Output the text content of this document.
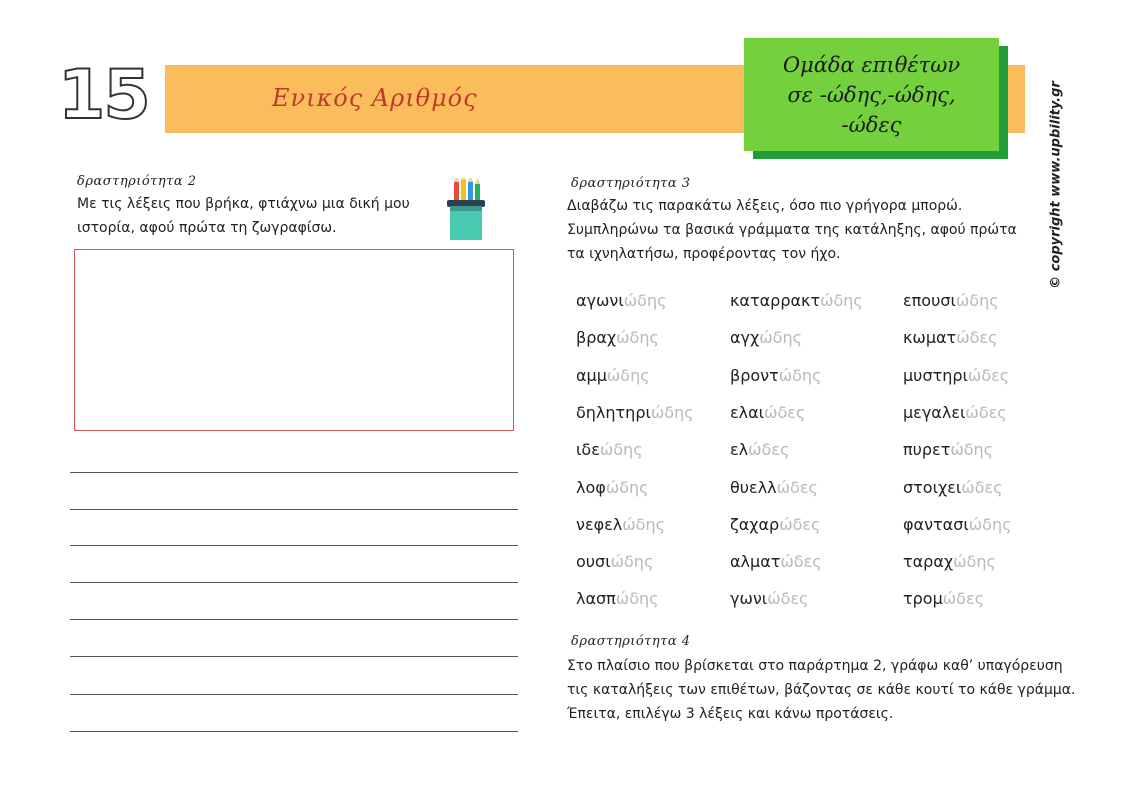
15	Ενικός Αριθμός
Ομάδα επιθέτων
σε -ώδης,-ώδης,
-ώδες	© copyright www.upbility.gr
δραστηριότητα 2
Με τις λέξεις που βρήκα, φτιάχνω μια δική μου
ιστορία, αφού πρώτα τη ζωγραφίσω.
δραστηριότητα 3
Διαβάζω τις παρακάτω λέξεις, όσο πιο γρήγορα μπορώ.
Συμπληρώνω τα βασικά γράμματα της κατάληξης, αφού πρώτα
τα ιχνηλατήσω, προφέροντας τον ήχο.
αγωνιώδης
βραχώδης
αμμώδης
δηλητηριώδης
ιδεώδης
λοφώδης
νεφελώδης
ουσιώδης
λασπώδης
καταρρακτώδης
αγχώδης
βροντώδης
ελαιώδες
ελώδες
θυελλώδες
ζαχαρώδες
αλματώδες
γωνιώδες
επουσιώδης
κωματώδες
μυστηριώδες
μεγαλειώδες
πυρετώδης
στοιχειώδες
φαντασιώδης
ταραχώδης
τρομώδες
δραστηριότητα 4
Στο πλαίσιο που βρίσκεται στο παράρτημα 2, γράφω καθ’ υπαγόρευση
τις καταλήξεις των επιθέτων, βάζοντας σε κάθε κουτί το κάθε γράμμα.
Έπειτα, επιλέγω 3 λέξεις και κάνω προτάσεις.
